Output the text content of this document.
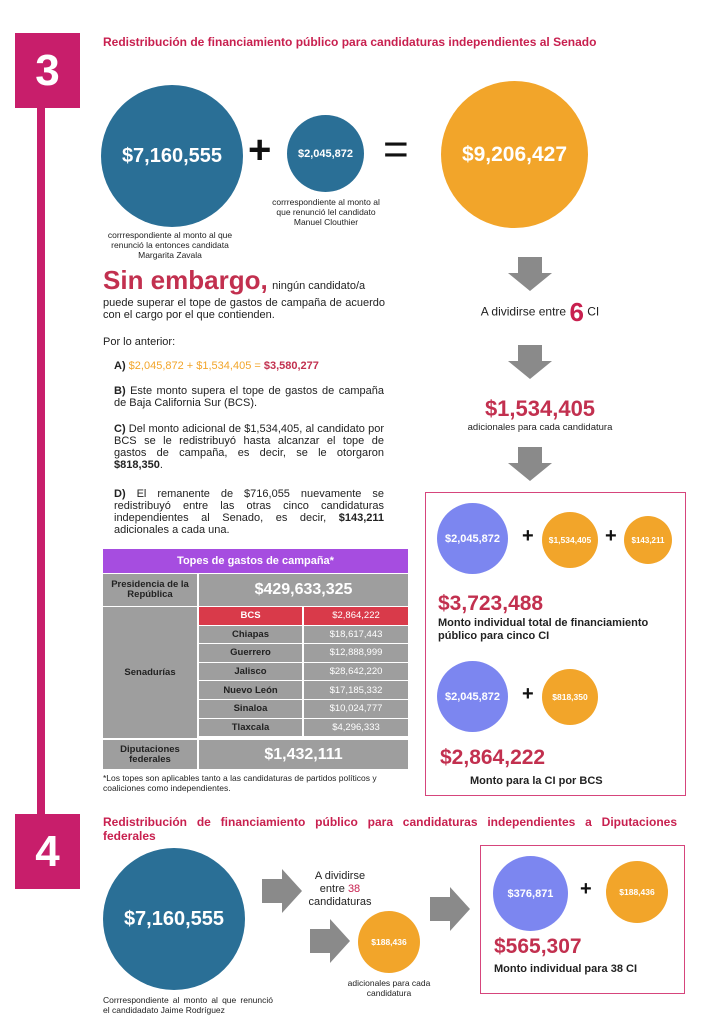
3
Redistribución de financiamiento público para candidaturas independientes al Senado
$7,160,555 +	$2,045,872 =	$9,206,427
corrrespondiente al monto al que renunció la entonces candidata Margarita Zavala
corrrespondiente al monto al que renunció lel candidato Manuel Clouthier
Sin embargo, ningún candidato/a
puede superar el tope de gastos de campaña de acuerdo con el cargo por el que contienden.
Por lo anterior:
A) $2,045,872 + $1,534,405 = $3,580,277
B) Este monto supera el tope de gastos de campaña de Baja California Sur (BCS).
C) Del monto adicional de $1,534,405, al candidato por BCS se le redistribuyó hasta alcanzar el tope de gastos de campaña, es decir, se le otorgaron $818,350.
D) El remanente de $716,055 nuevamente se redistribuyó entre las otras cinco candidaturas independientes al Senado, es decir, $143,211 adicionales a cada una.
A dividirse entre 6 CI
$1,534,405
adicionales para cada candidatura
$2,045,872	+	$1,534,405 +	$143,211
$3,723,488
Monto individual total de financiamiento público para cinco CI
$2,045,872	+	$818,350
$2,864,222
Monto para la CI por BCS
Topes de gastos de campaña*
Presidencia de la República	$429,633,325
Senadurías
BCS	$2,864,222
Chiapas	$18,617,443
Guerrero	$12,888,999
Jalisco	$28,642,220
Nuevo León	$17,185,332
Sinaloa	$10,024,777
Tlaxcala	$4,296,333
Diputaciones federales	$1,432,111
*Los topes son aplicables tanto a las candidaturas de partidos políticos y coaliciones como independientes.
4
Redistribución de financiamiento público para candidaturas independientes a Diputaciones federales
$7,160,555
Corrrespondiente al monto al que renunció el candidadato Jaime Rodríguez
A dividirse
entre 38
candidaturas
$188,436
adicionales para cada candidatura
$376,871	+	$188,436
$565,307
Monto individual para 38 CI
